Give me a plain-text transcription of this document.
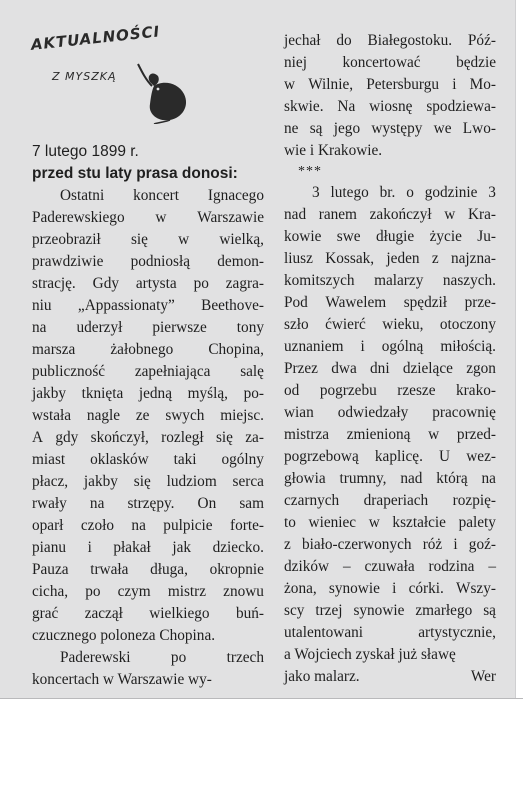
AKTUALNOŚCI
Z MYSZKĄ

7 lutego 1899 r.

przed stu laty prasa donosi:

Ostatni koncert Ignacego
Paderewskiego w Warszawie
przeobraził się w wielką,
prawdziwie podniosłą demon-
strację. Gdy artysta po zagra-
niu „Appassionaty” Beethove-
na uderzył pierwsze tony
marsza żałobnego Chopina,
publiczność zapełniająca salę
jakby tknięta jedną myślą, po-
wstała nagle ze swych miejsc.
A gdy skończył, rozległ się za-
miast oklasków taki ogólny
płacz, jakby się ludziom serca
rwały na strzępy. On sam
oparł czoło na pulpicie forte-
pianu i płakał jak dziecko.
Pauza trwała długa, okropnie
cicha, po czym mistrz znowu
grać zaczął wielkiego buń-
czucznego poloneza Chopina.
Paderewski	po	trzech
koncertach w Warszawie wy-
jechał do Białegostoku. Póź-
niej koncertować będzie
w Wilnie, Petersburgu i Mo-
skwie. Na wiosnę spodziewa-
ne są jego występy we Lwo-
wie i Krakowie.
***
3 lutego br. o godzinie 3
nad ranem zakończył w Kra-
kowie swe długie życie Ju-
liusz Kossak, jeden z najzna-
komitszych malarzy naszych.
Pod Wawelem spędził prze-
szło ćwierć wieku, otoczony
uznaniem i ogólną miłością.
Przez dwa dni dzielące zgon
od pogrzebu rzesze krako-
wian odwiedzały pracownię
mistrza zmienioną w przed-
pogrzebową kaplicę. U wez-
głowia trumny, nad którą na
czarnych draperiach rozpię-
to wieniec w kształcie palety
z biało-czerwonych róż i goź-
dzików – czuwała rodzina –
żona, synowie i córki. Wszy-
scy trzej synowie zmarłego są
utalentowani	artystycznie,
a Wojciech zyskał już sławę
jako malarz.	Wer
